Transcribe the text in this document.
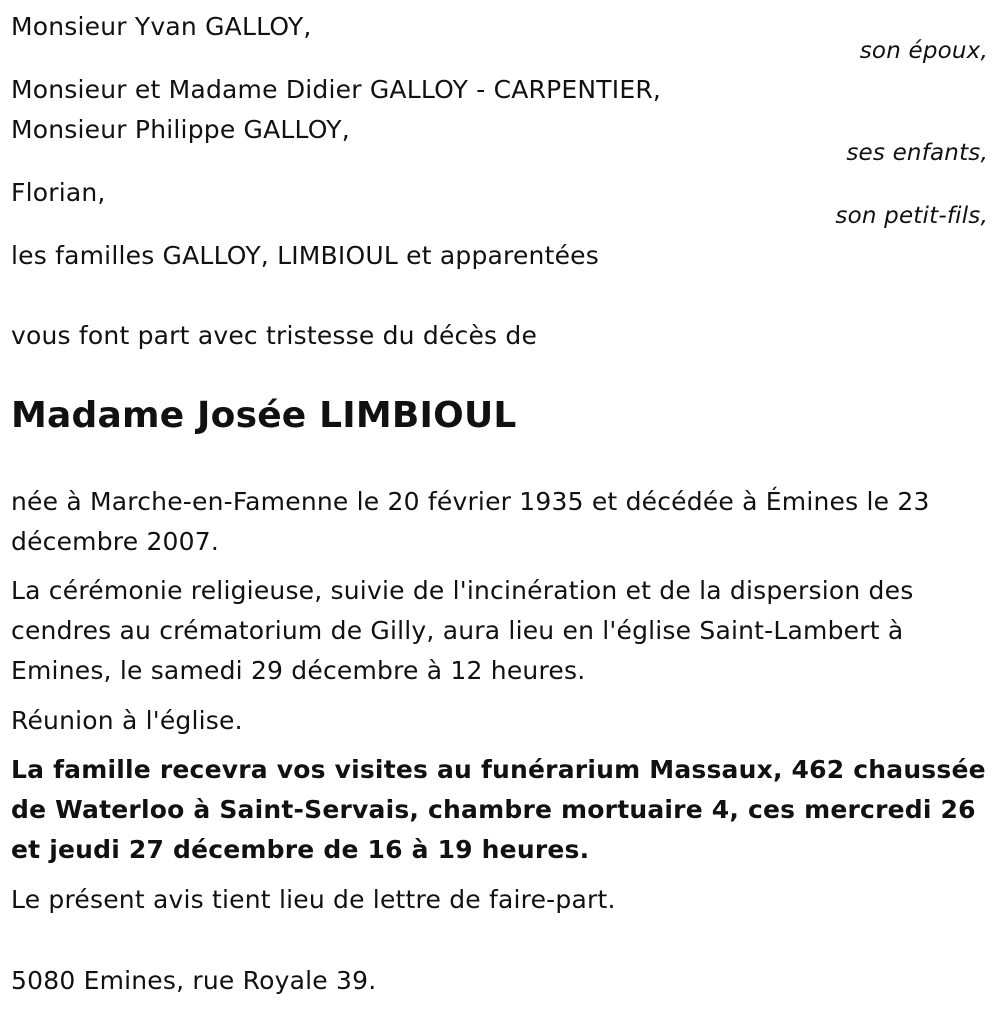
Monsieur Yvan GALLOY,
son époux,
Monsieur et Madame Didier GALLOY - CARPENTIER,
Monsieur Philippe GALLOY,
ses enfants,
Florian,
son petit-fils,
les familles GALLOY, LIMBIOUL et apparentées
vous font part avec tristesse du décès de
Madame Josée LIMBIOUL
née à Marche-en-Famenne le 20 février 1935 et décédée à Émines le 23 décembre 2007.
La cérémonie religieuse, suivie de l'incinération et de la dispersion des cendres au crématorium de Gilly, aura lieu en l'église Saint-Lambert à Emines, le samedi 29 décembre à 12 heures.
Réunion à l'église.
La famille recevra vos visites au funérarium Massaux, 462 chaussée de Waterloo à Saint-Servais, chambre mortuaire 4, ces mercredi 26 et jeudi 27 décembre de 16 à 19 heures.
Le présent avis tient lieu de lettre de faire-part.
5080 Emines, rue Royale 39.
